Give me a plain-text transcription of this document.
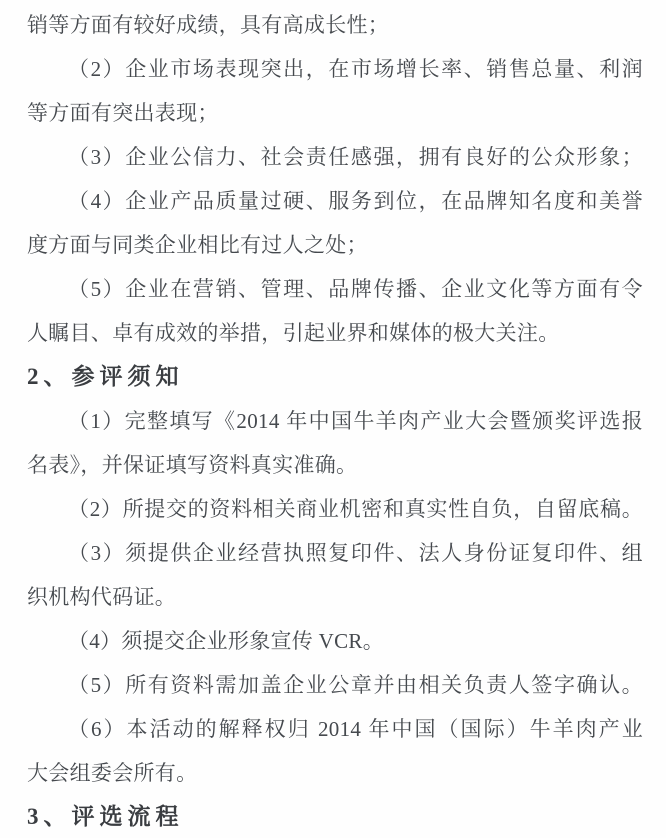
销等方面有较好成绩，具有高成长性；
（2）企业市场表现突出，在市场增长率、销售总量、利润
等方面有突出表现；
（3）企业公信力、社会责任感强，拥有良好的公众形象；
（4）企业产品质量过硬、服务到位，在品牌知名度和美誉
度方面与同类企业相比有过人之处；
（5）企业在营销、管理、品牌传播、企业文化等方面有令
人瞩目、卓有成效的举措，引起业界和媒体的极大关注。
2、参评须知
（1）完整填写《2014 年中国牛羊肉产业大会暨颁奖评选报
名表》，并保证填写资料真实准确。
（2）所提交的资料相关商业机密和真实性自负，自留底稿。
（3）须提供企业经营执照复印件、法人身份证复印件、组
织机构代码证。
（4）须提交企业形象宣传 VCR。
（5）所有资料需加盖企业公章并由相关负责人签字确认。
（6）本活动的解释权归 2014 年中国（国际）牛羊肉产业
大会组委会所有。
3、评选流程
